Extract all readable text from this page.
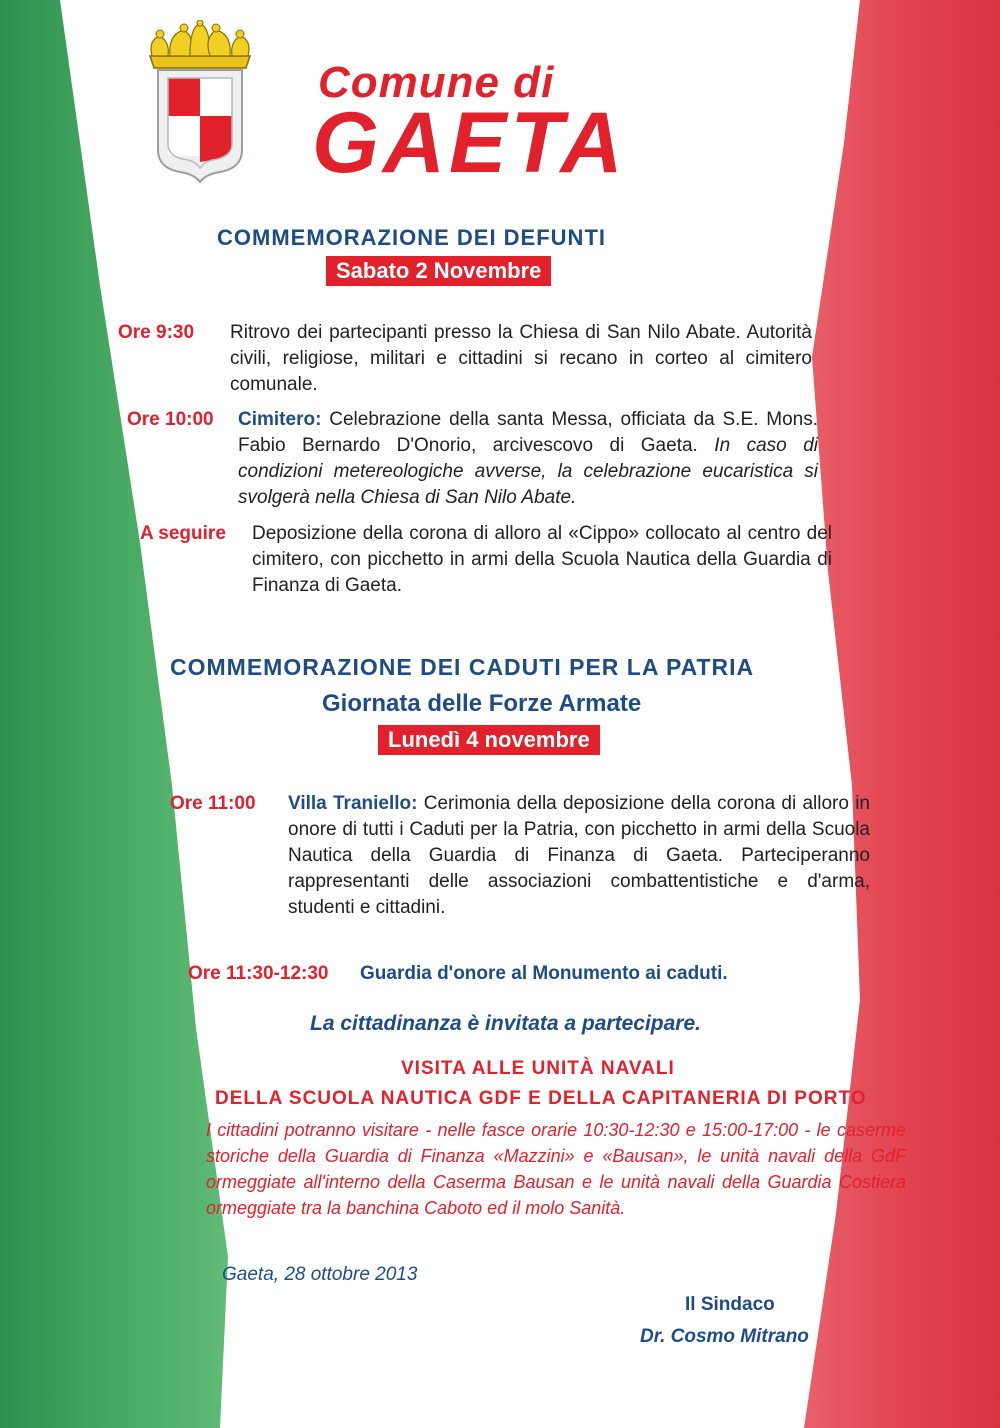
Comune di
GAETA
COMMEMORAZIONE DEI DEFUNTI
Sabato 2 Novembre
Ore 9:30 Ritrovo dei partecipanti presso la Chiesa di San Nilo Abate. Autorità civili, religiose, militari e cittadini si recano in corteo al cimitero comunale.
Ore 10:00 Cimitero: Celebrazione della santa Messa, officiata da S.E. Mons. Fabio Bernardo D'Onorio, arcivescovo di Gaeta. In caso di condizioni metereologiche avverse, la celebrazione eucaristica si svolgerà nella Chiesa di San Nilo Abate.
A seguire Deposizione della corona di alloro al «Cippo» collocato al centro del cimitero, con picchetto in armi della Scuola Nautica della Guardia di Finanza di Gaeta.
COMMEMORAZIONE DEI CADUTI PER LA PATRIA
Giornata delle Forze Armate
Lunedì 4 novembre
Ore 11:00 Villa Traniello: Cerimonia della deposizione della corona di alloro in onore di tutti i Caduti per la Patria, con picchetto in armi della Scuola Nautica della Guardia di Finanza di Gaeta. Parteciperanno rappresentanti delle associazioni combattentistiche e d'arma, studenti e cittadini.
Ore 11:30-12:30 Guardia d'onore al Monumento ai caduti.
La cittadinanza è invitata a partecipare.
VISITA ALLE UNITÀ NAVALI
DELLA SCUOLA NAUTICA GDF E DELLA CAPITANERIA DI PORTO
I cittadini potranno visitare - nelle fasce orarie 10:30-12:30 e 15:00-17:00 - le caserme storiche della Guardia di Finanza «Mazzini» e «Bausan», le unità navali della GdF ormeggiate all'interno della Caserma Bausan e le unità navali della Guardia Costiera ormeggiate tra la banchina Caboto ed il molo Sanità.
Gaeta, 28 ottobre 2013
Il Sindaco
Dr. Cosmo Mitrano
